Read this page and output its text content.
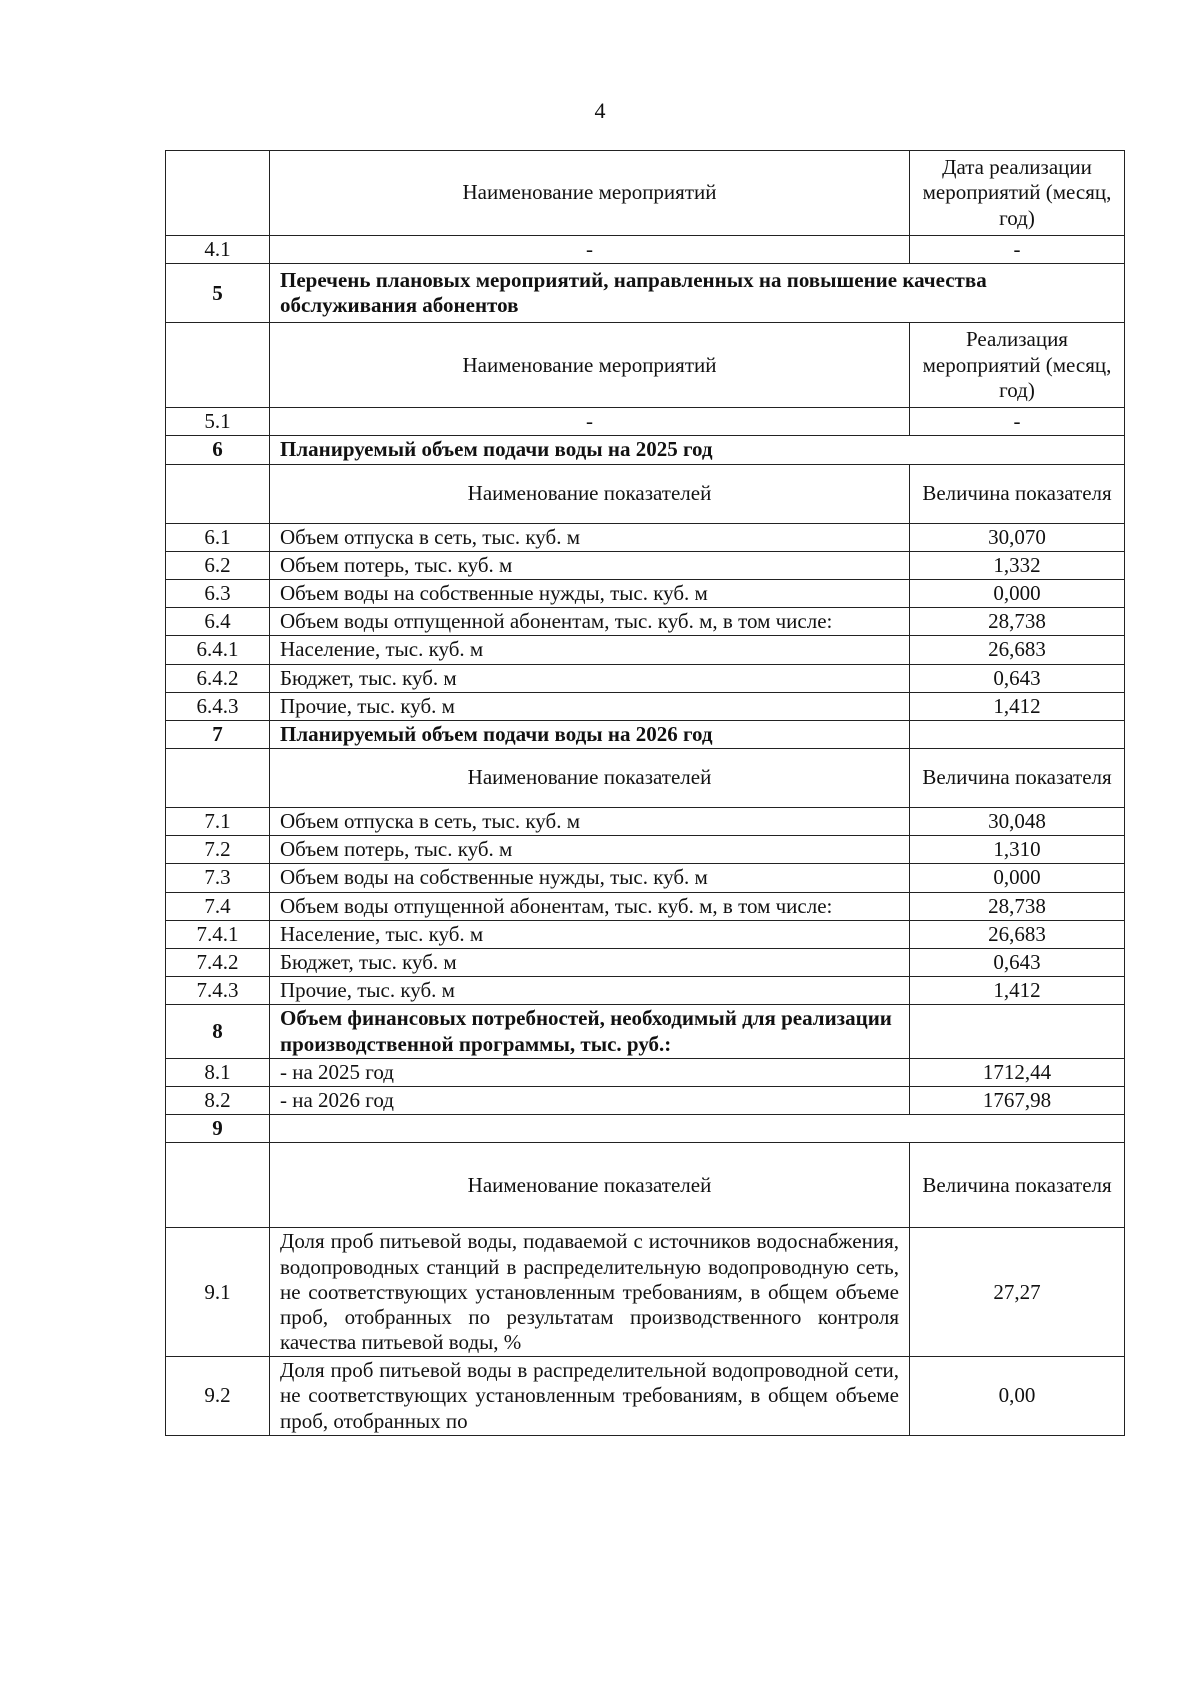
4
	Наименование мероприятий	Дата реализации мероприятий (месяц, год)
4.1	-	-
5	Перечень плановых мероприятий, направленных на повышение качества обслуживания абонентов	
	Наименование мероприятий	Реализация мероприятий (месяц, год)
5.1	-	-
6	Планируемый объем подачи воды на 2025 год	
	Наименование показателей	Величина показателя
6.1	Объем отпуска в сеть, тыс. куб. м	30,070
6.2	Объем потерь, тыс. куб. м	1,332
6.3	Объем воды на собственные нужды, тыс. куб. м	0,000
6.4	Объем воды отпущенной абонентам, тыс. куб. м, в том числе:	28,738
6.4.1	Население, тыс. куб. м	26,683
6.4.2	Бюджет, тыс. куб. м	0,643
6.4.3	Прочие, тыс. куб. м	1,412
7	Планируемый объем подачи воды на 2026 год	
	Наименование показателей	Величина показателя
7.1	Объем отпуска в сеть, тыс. куб. м	30,048
7.2	Объем потерь, тыс. куб. м	1,310
7.3	Объем воды на собственные нужды, тыс. куб. м	0,000
7.4	Объем воды отпущенной абонентам, тыс. куб. м, в том числе:	28,738
7.4.1	Население, тыс. куб. м	26,683
7.4.2	Бюджет, тыс. куб. м	0,643
7.4.3	Прочие, тыс. куб. м	1,412
8	Объем финансовых потребностей, необходимый для реализации производственной программы, тыс. руб.:	
8.1	- на 2025 год	1712,44
8.2	- на 2026 год	1767,98
9		
	Наименование показателей	Величина показателя
9.1	Доля проб питьевой воды, подаваемой с источников водоснабжения, водопроводных станций в распределительную водопроводную сеть, не соответствующих установленным требованиям, в общем объеме проб, отобранных по результатам производственного контроля качества питьевой воды, %	27,27
9.2	Доля проб питьевой воды в распределительной водопроводной сети, не соответствующих установленным требованиям, в общем объеме проб, отобранных по	0,00
